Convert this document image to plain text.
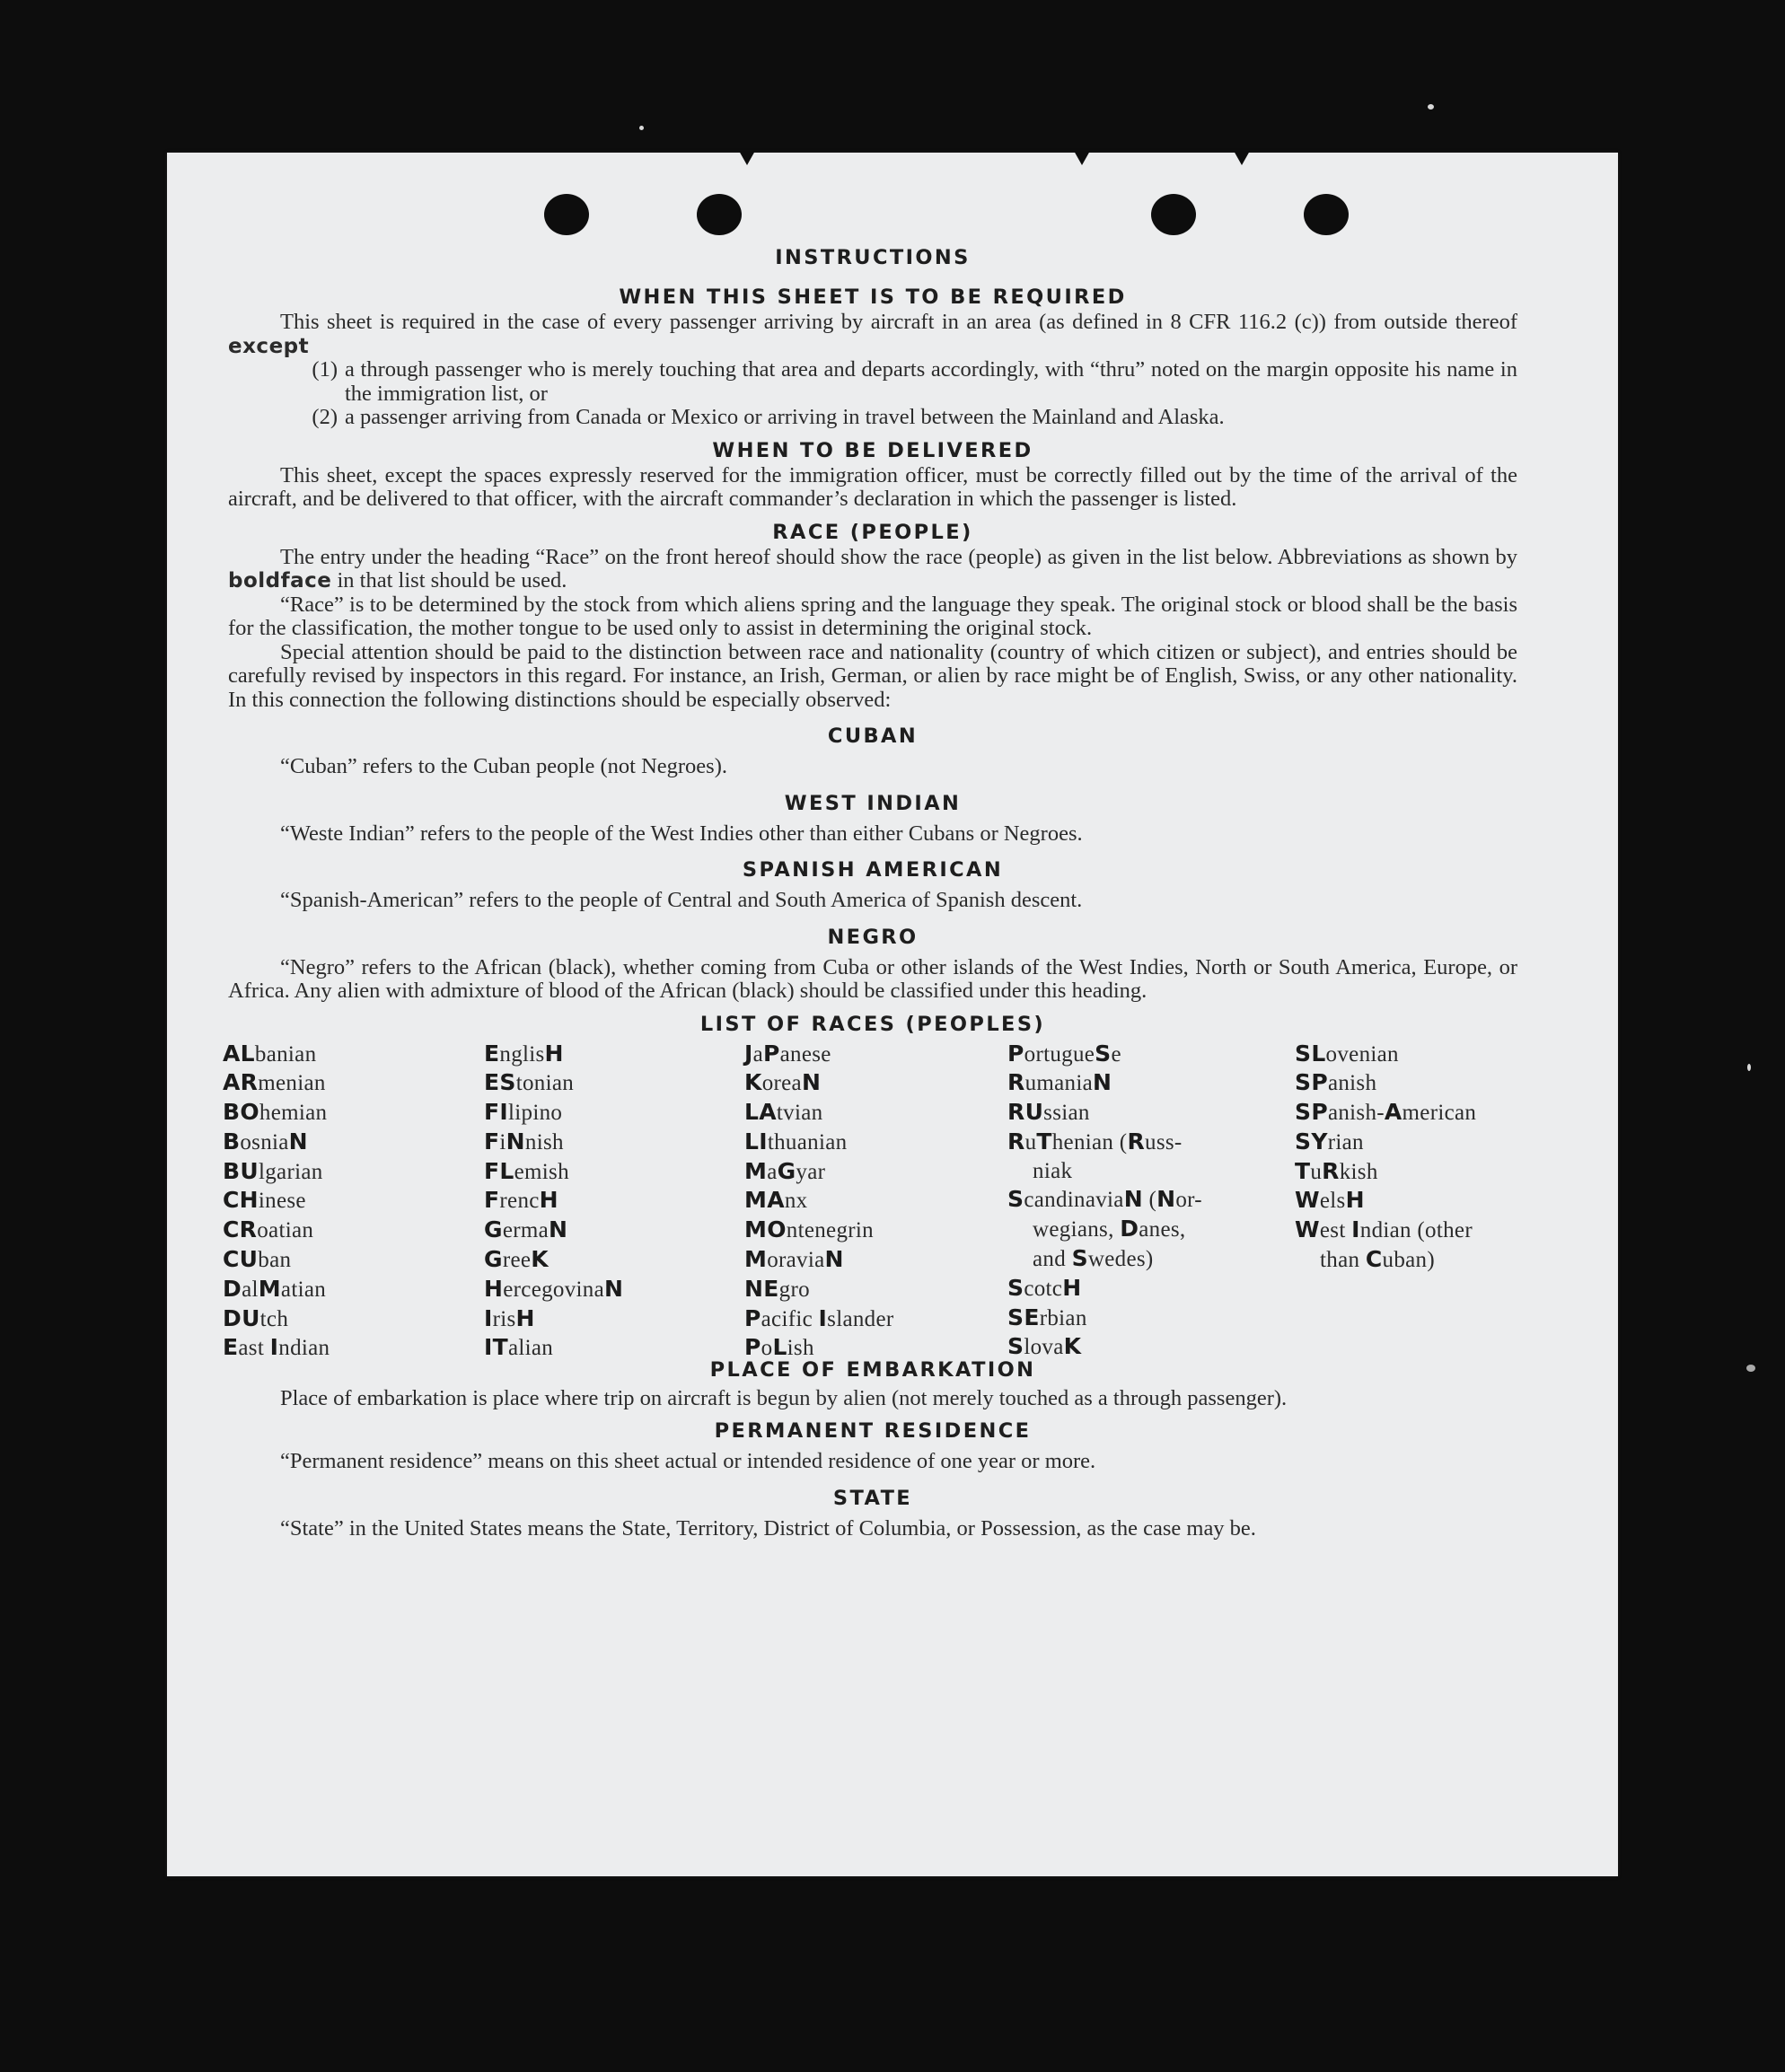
INSTRUCTIONS
WHEN THIS SHEET IS TO BE REQUIRED

This sheet is required in the case of every passenger arriving by aircraft in an area (as defined in 8 CFR 116.2 (c)) from outside thereof except

(1) a through passenger who is merely touching that area and departs accordingly, with “thru” noted on the margin opposite his name in the immigration list, or
(2) a passenger arriving from Canada or Mexico or arriving in travel between the Mainland and Alaska.
WHEN TO BE DELIVERED

This sheet, except the spaces expressly reserved for the immigration officer, must be correctly filled out by the time of the arrival of the aircraft, and be delivered to that officer, with the aircraft commander’s declaration in which the passenger is listed.

RACE (PEOPLE)

The entry under the heading “Race” on the front hereof should show the race (people) as given in the list below. Abbreviations as shown by boldface in that list should be used.

“Race” is to be determined by the stock from which aliens spring and the language they speak. The original stock or blood shall be the basis for the classification, the mother tongue to be used only to assist in determining the original stock.

Special attention should be paid to the distinction between race and nationality (country of which citizen or subject), and entries should be carefully revised by inspectors in this regard. For instance, an Irish, German, or alien by race might be of English, Swiss, or any other nationality. In this connection the following distinctions should be especially observed:

CUBAN

“Cuban” refers to the Cuban people (not Negroes).

WEST INDIAN

“Weste Indian” refers to the people of the West Indies other than either Cubans or Negroes.

SPANISH AMERICAN

“Spanish-American” refers to the people of Central and South America of Spanish descent.

NEGRO

“Negro” refers to the African (black), whether coming from Cuba or other islands of the West Indies, North or South America, Europe, or Africa. Any alien with admixture of blood of the African (black) should be classified under this heading.

LIST OF RACES (PEOPLES)
ALbanian
ARmenian
BOhemian
BosniaN
BUlgarian
CHinese
CRoatian
CUban
DalMatian
DUtch
East Indian
EnglisH
EStonian
FIlipino
FiNnish
FLemish
FrencH
GermaN
GreeK
HercegovinaN
IrisH
ITalian
JaPanese
KoreaN
LAtvian
LIthuanian
MaGyar
MAnx
MOntenegrin
MoraviaN
NEgro
Pacific Islander
PoLish
PortugueSe
RumaniaN
RUssian
RuThenian (Russ-
niak
ScandinaviaN (Nor-
wegians, Danes,
and Swedes)
ScotcH
SErbian
SlovaK
SLovenian
SPanish
SPanish-American
SYrian
TuRkish
WelsH
West Indian (other
than Cuban)
PLACE OF EMBARKATION

Place of embarkation is place where trip on aircraft is begun by alien (not merely touched as a through passenger).

PERMANENT RESIDENCE

“Permanent residence” means on this sheet actual or intended residence of one year or more.

STATE

“State” in the United States means the State, Territory, District of Columbia, or Possession, as the case may be.
